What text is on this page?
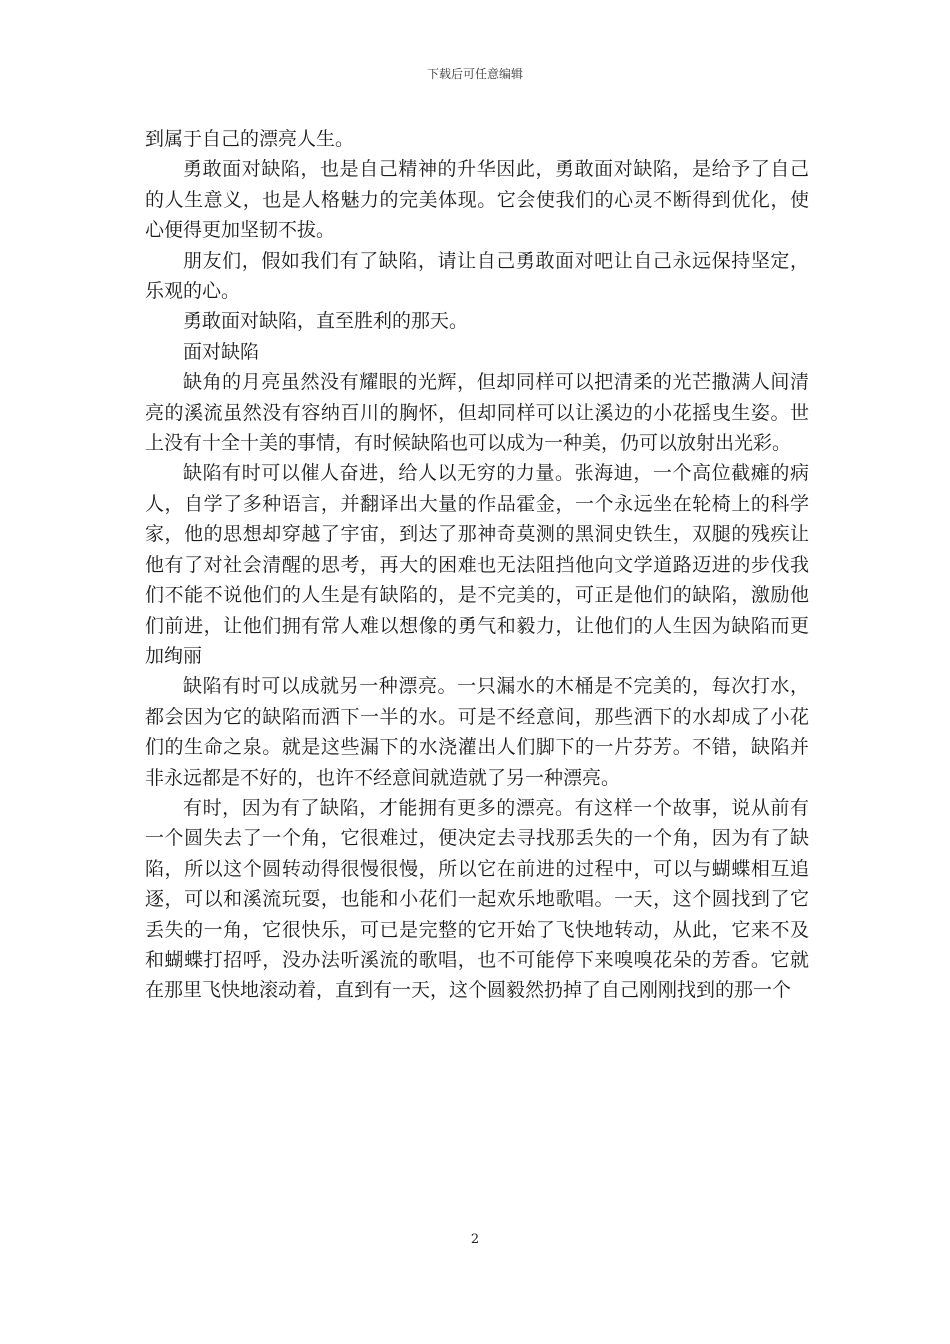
下载后可任意编辑

到属于自己的漂亮人生。

勇敢面对缺陷，也是自己精神的升华因此，勇敢面对缺陷，是给予了自己的人生意义，也是人格魅力的完美体现。它会使我们的心灵不断得到优化，使心便得更加坚韧不拔。

朋友们，假如我们有了缺陷，请让自己勇敢面对吧让自己永远保持坚定，乐观的心。

勇敢面对缺陷，直至胜利的那天。

面对缺陷

缺角的月亮虽然没有耀眼的光辉，但却同样可以把清柔的光芒撒满人间清亮的溪流虽然没有容纳百川的胸怀，但却同样可以让溪边的小花摇曳生姿。世上没有十全十美的事情，有时候缺陷也可以成为一种美，仍可以放射出光彩。

缺陷有时可以催人奋进，给人以无穷的力量。张海迪，一个高位截瘫的病人，自学了多种语言，并翻译出大量的作品霍金，一个永远坐在轮椅上的科学家，他的思想却穿越了宇宙，到达了那神奇莫测的黑洞史铁生，双腿的残疾让他有了对社会清醒的思考，再大的困难也无法阻挡他向文学道路迈进的步伐我们不能不说他们的人生是有缺陷的，是不完美的，可正是他们的缺陷，激励他们前进，让他们拥有常人难以想像的勇气和毅力，让他们的人生因为缺陷而更加绚丽

缺陷有时可以成就另一种漂亮。一只漏水的木桶是不完美的，每次打水，都会因为它的缺陷而洒下一半的水。可是不经意间，那些洒下的水却成了小花们的生命之泉。就是这些漏下的水浇灌出人们脚下的一片芬芳。不错，缺陷并非永远都是不好的，也许不经意间就造就了另一种漂亮。

有时，因为有了缺陷，才能拥有更多的漂亮。有这样一个故事，说从前有一个圆失去了一个角，它很难过，便决定去寻找那丢失的一个角，因为有了缺陷，所以这个圆转动得很慢很慢，所以它在前进的过程中，可以与蝴蝶相互追逐，可以和溪流玩耍，也能和小花们一起欢乐地歌唱。一天，这个圆找到了它丢失的一角，它很快乐，可已是完整的它开始了飞快地转动，从此，它来不及和蝴蝶打招呼，没办法听溪流的歌唱，也不可能停下来嗅嗅花朵的芳香。它就在那里飞快地滚动着，直到有一天，这个圆毅然扔掉了自己刚刚找到的那一个

2
